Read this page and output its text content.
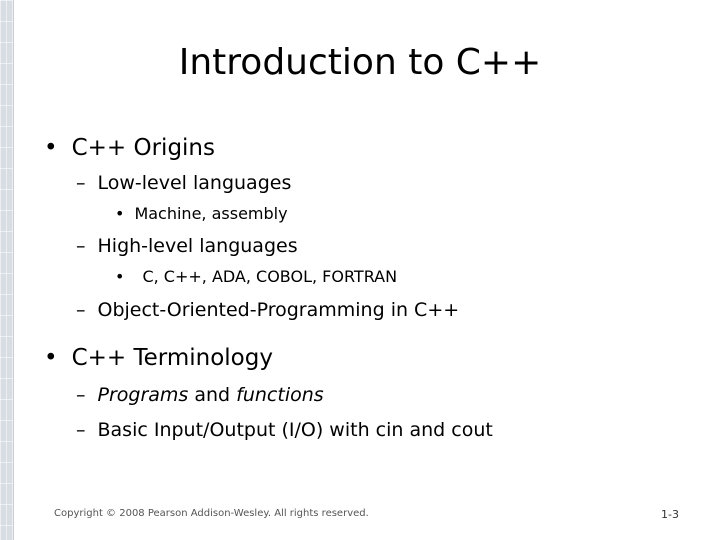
Introduction to C++
• C++ Origins
– Low-level languages
• Machine, assembly
– High-level languages
• C, C++, ADA, COBOL, FORTRAN
– Object-Oriented-Programming in C++
• C++ Terminology
– Programs and functions
– Basic Input/Output (I/O) with cin and cout
Copyright © 2008 Pearson Addison-Wesley. All rights reserved.	1-3
